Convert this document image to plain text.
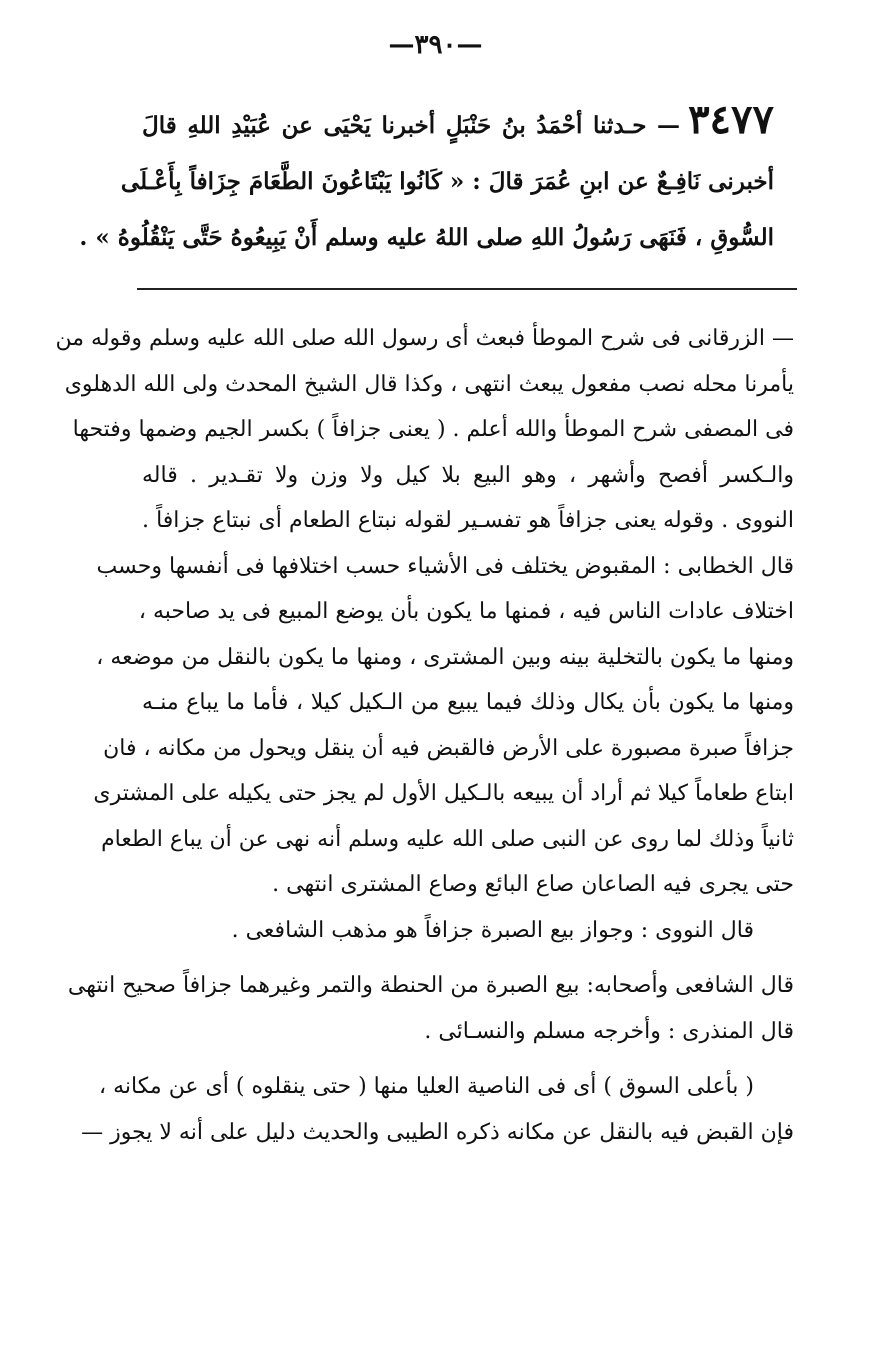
—٣٩٠—
٣٤٧٧— حـدثنا أحْمَدُ بنُ حَنْبَلٍ أخبرنا يَحْيَى عن عُبَيْدِ اللهِ قالَ
أخبرنى نَافِـعٌ عن ابنِ عُمَرَ قالَ : « كَانُوا يَبْتَاعُونَ الطَّعَامَ جِزَافاً بِأَعْـلَى
السُّوقِ ، فَنَهَى رَسُولُ اللهِ صلى اللهُ عليه وسلم أَنْ يَبِيعُوهُ حَتَّى يَنْقُلُوهُ » .
— الزرقانى فى شرح الموطأ فبعث أى رسول الله صلى الله عليه وسلم وقوله من
يأمرنا محله نصب مفعول يبعث انتهى ، وكذا قال الشيخ المحدث ولى الله الدهلوى
فى المصفى شرح الموطأ والله أعلم . ( يعنى جزافاً ) بكسر الجيم وضمها وفتحها
والـكسر أفصح وأشهر ، وهو البيع بلا كيل ولا وزن ولا تقـدير . قاله
النووى . وقوله يعنى جزافاً هو تفسـير لقوله نبتاع الطعام أى نبتاع جزافاً .
قال الخطابى : المقبوض يختلف فى الأشياء حسب اختلافها فى أنفسها وحسب
اختلاف عادات الناس فيه ، فمنها ما يكون بأن يوضع المبيع فى يد صاحبه ،
ومنها ما يكون بالتخلية بينه وبين المشترى ، ومنها ما يكون بالنقل من موضعه ،
ومنها ما يكون بأن يكال وذلك فيما يبيع من الـكيل كيلا ، فأما ما يباع منـه
جزافاً صبرة مصبورة على الأرض فالقبض فيه أن ينقل ويحول من مكانه ، فان
ابتاع طعاماً كيلا ثم أراد أن يبيعه بالـكيل الأول لم يجز حتى يكيله على المشترى
ثانياً وذلك لما روى عن النبى صلى الله عليه وسلم أنه نهى عن أن يباع الطعام
حتى يجرى فيه الصاعان صاع البائع وصاع المشترى انتهى .
قال النووى : وجواز بيع الصبرة جزافاً هو مذهب الشافعى .
قال الشافعى وأصحابه: بيع الصبرة من الحنطة والتمر وغيرهما جزافاً صحيح انتهى
قال المنذرى : وأخرجه مسلم والنسـائى .
( بأعلى السوق ) أى فى الناصية العليا منها ( حتى ينقلوه ) أى عن مكانه ،
فإن القبض فيه بالنقل عن مكانه ذكره الطيبى والحديث دليل على أنه لا يجوز —
